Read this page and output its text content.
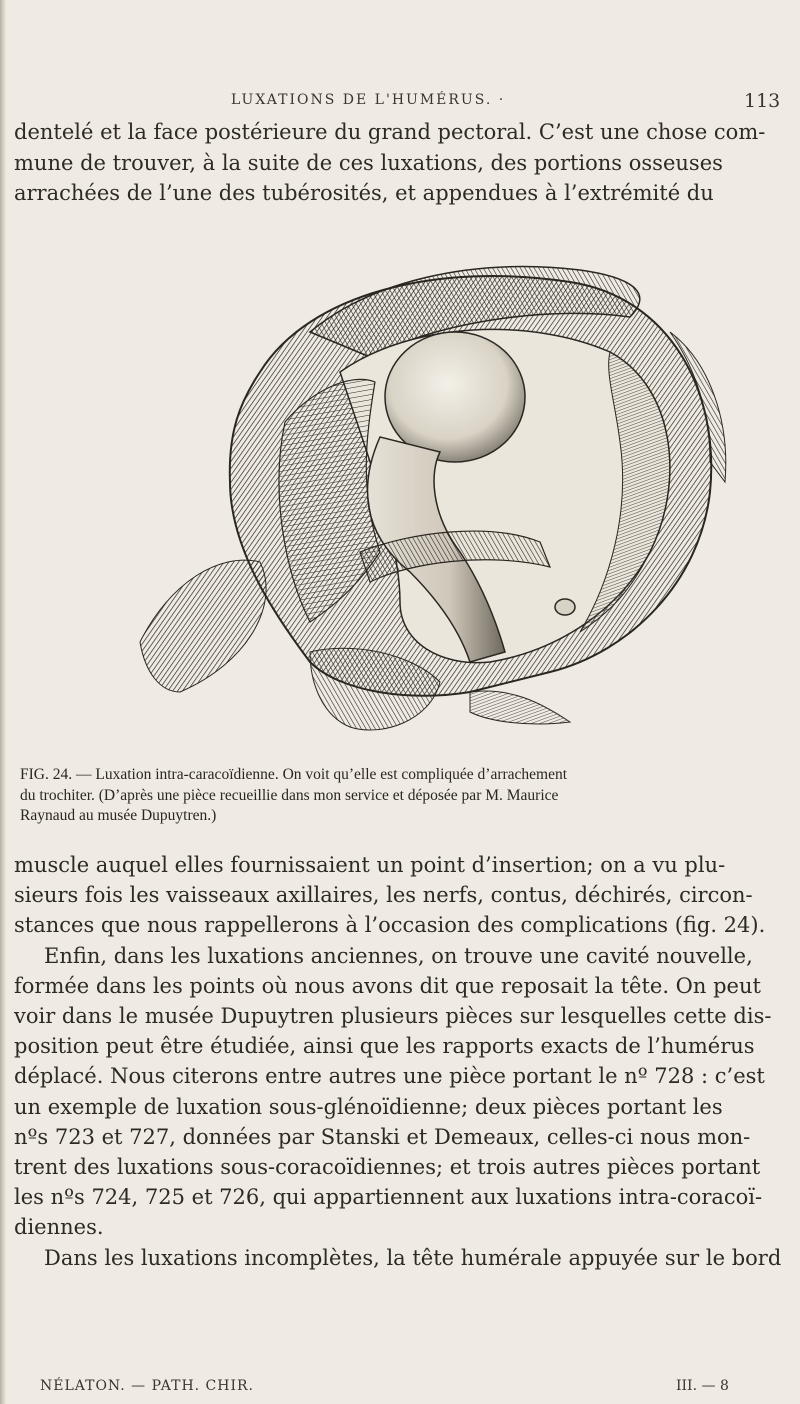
LUXATIONS DE L'HUMÉRUS. ·	113

dentelé et la face postérieure du grand pectoral. C’est une chose com-
mune de trouver, à la suite de ces luxations, des portions osseuses
arrachées de l’une des tubérosités, et appendues à l’extrémité du

FIG. 24. — Luxation intra-caracoïdienne. On voit qu’elle est compliquée d’arrachement
du trochiter. (D’après une pièce recueillie dans mon service et déposée par M. Maurice
Raynaud au musée Dupuytren.)

muscle auquel elles fournissaient un point d’insertion; on a vu plu-
sieurs fois les vaisseaux axillaires, les nerfs, contus, déchirés, circon-
stances que nous rappellerons à l’occasion des complications (fig. 24).
Enfin, dans les luxations anciennes, on trouve une cavité nouvelle,
formée dans les points où nous avons dit que reposait la tête. On peut
voir dans le musée Dupuytren plusieurs pièces sur lesquelles cette dis-
position peut être étudiée, ainsi que les rapports exacts de l’humérus
déplacé. Nous citerons entre autres une pièce portant le nº 728 : c’est
un exemple de luxation sous-glénoïdienne; deux pièces portant les
nºs 723 et 727, données par Stanski et Demeaux, celles-ci nous mon-
trent des luxations sous-coracoïdiennes; et trois autres pièces portant
les nºs 724, 725 et 726, qui appartiennent aux luxations intra-coracoï-
diennes.
Dans les luxations incomplètes, la tête humérale appuyée sur le bord

NÉLATON. — PATH. CHIR.	III. — 8
